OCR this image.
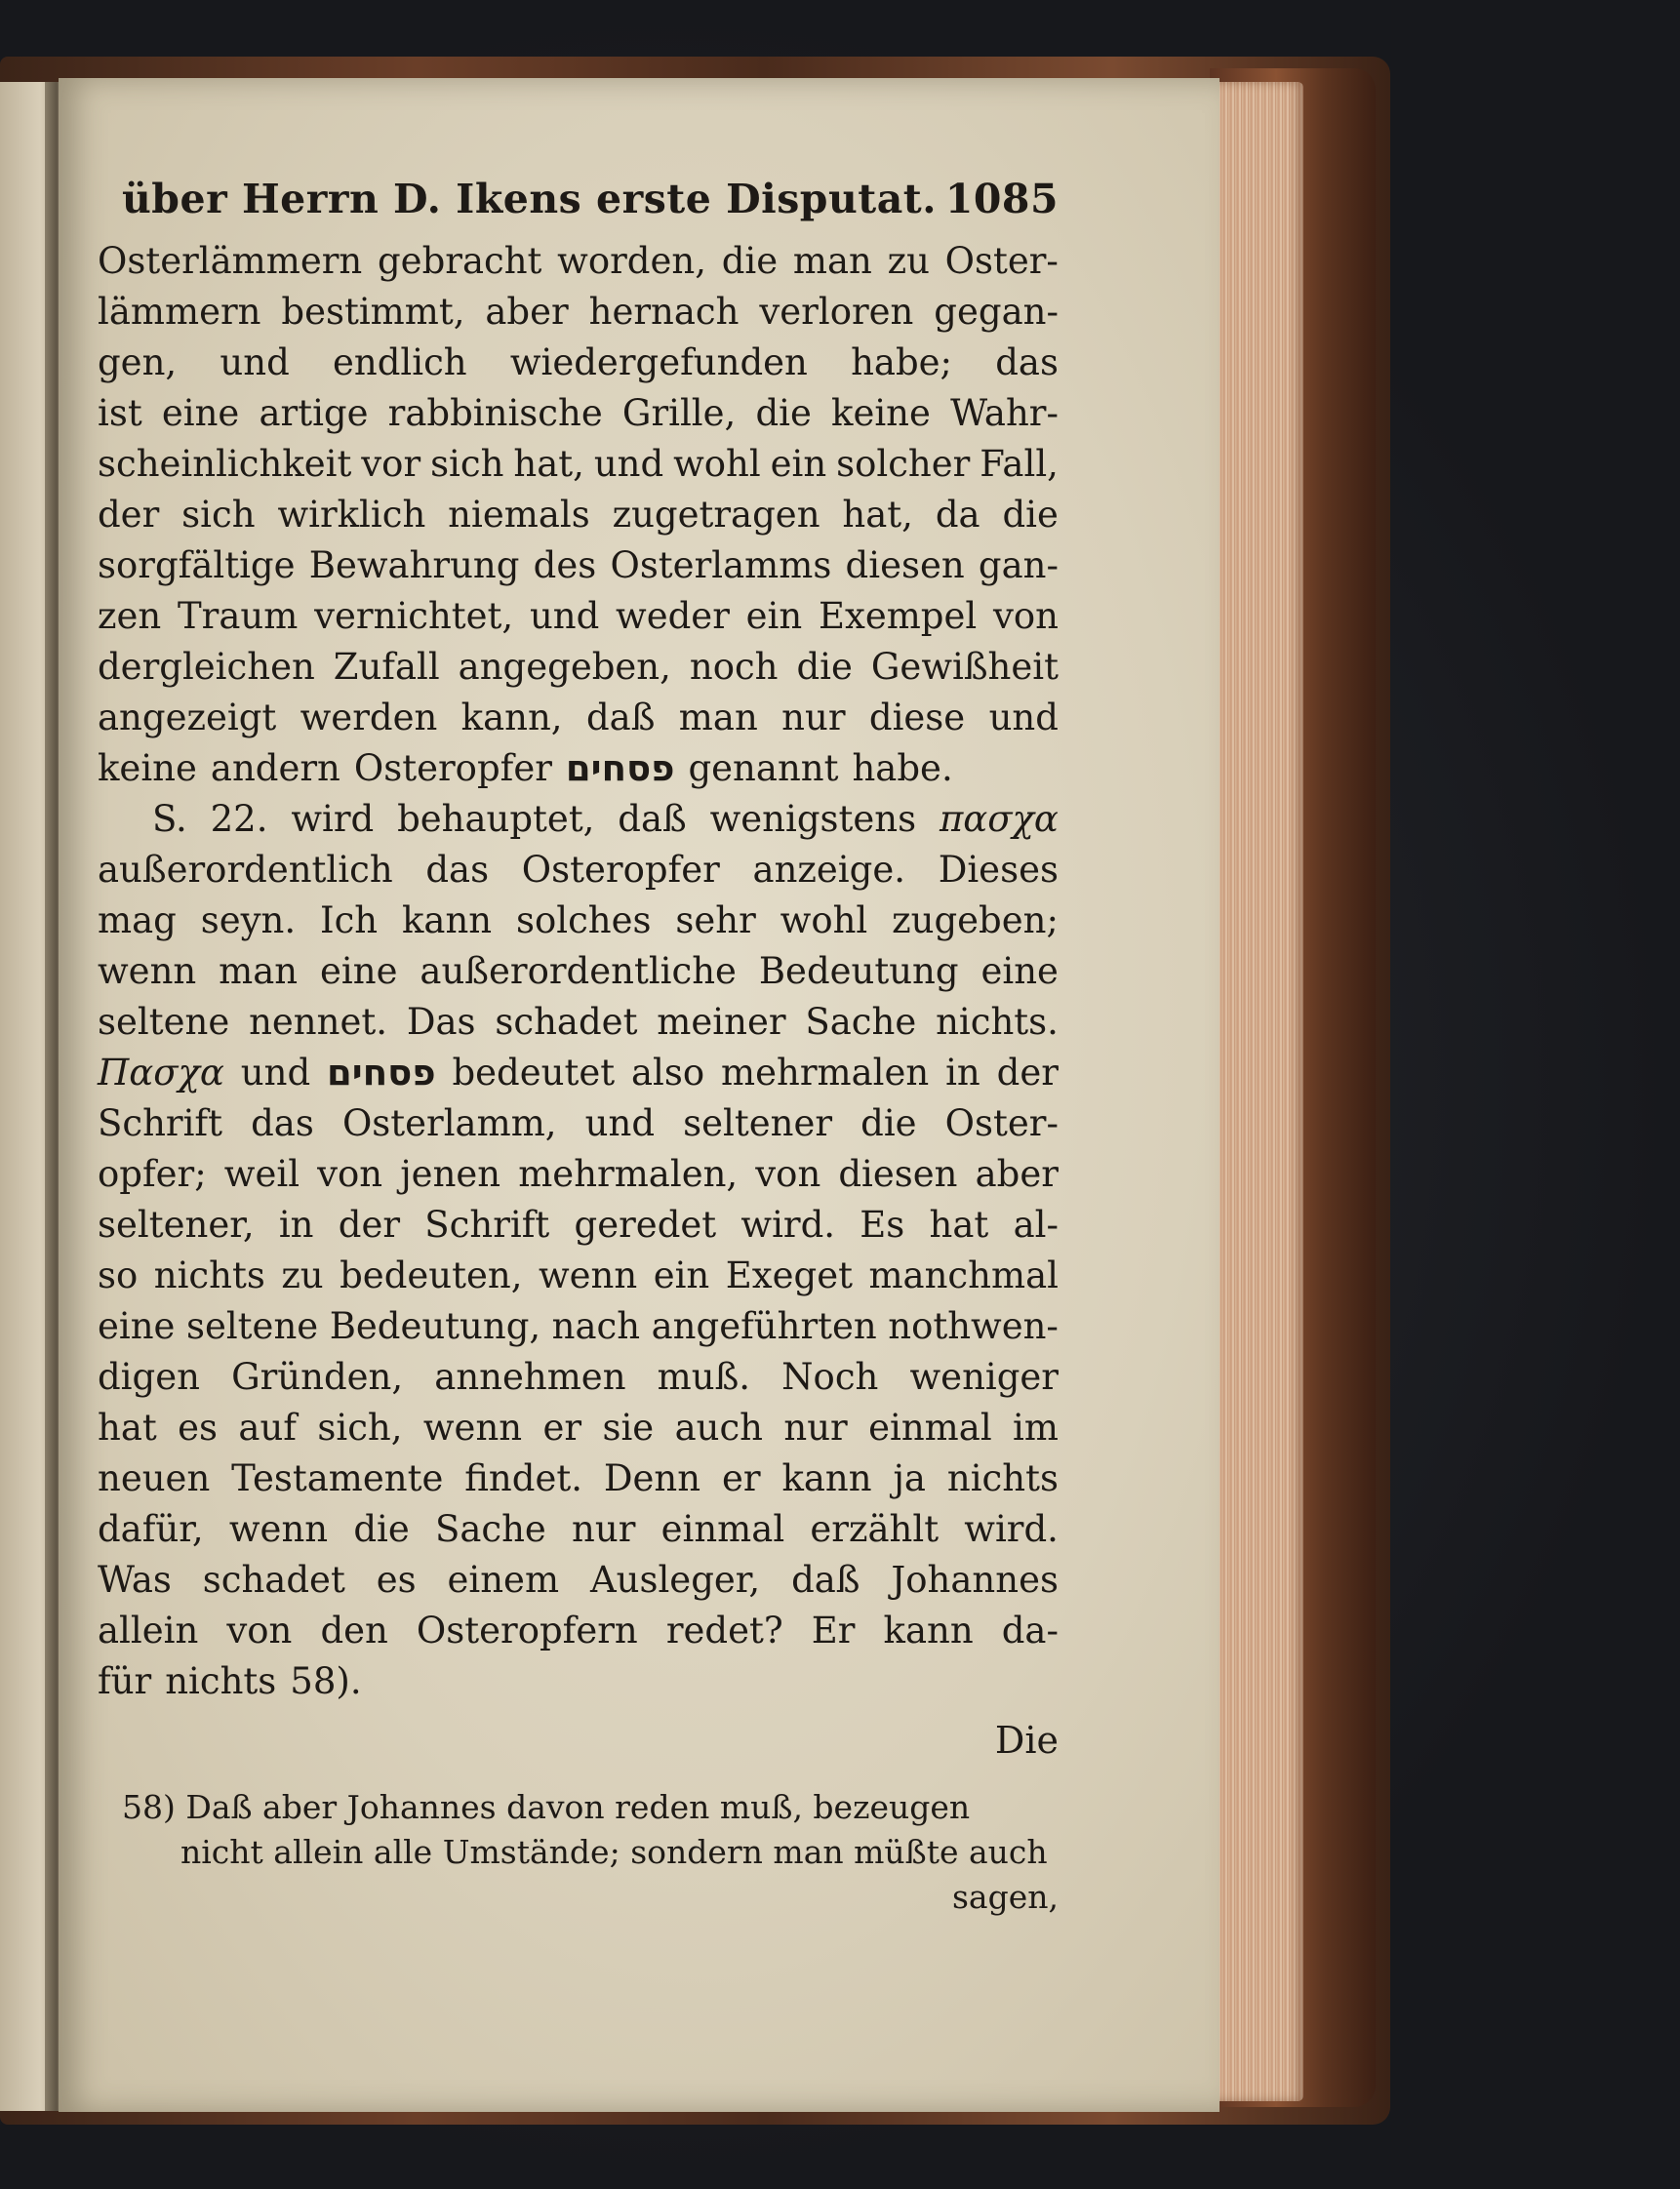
über Herrn D. Ikens erste Disputat. 1085
Osterlämmern gebracht worden, die man zu Oster-
lämmern bestimmt, aber hernach verloren gegan-
gen, und endlich wiedergefunden habe; das
ist eine artige rabbinische Grille, die keine Wahr-
scheinlichkeit vor sich hat, und wohl ein solcher Fall,
der sich wirklich niemals zugetragen hat, da die
sorgfältige Bewahrung des Osterlamms diesen gan-
zen Traum vernichtet, und weder ein Exempel von
dergleichen Zufall angegeben, noch die Gewißheit
angezeigt werden kann, daß man nur diese und
keine andern Osteropfer פסחים genannt habe.
S. 22. wird behauptet, daß wenigstens πασχα
außerordentlich das Osteropfer anzeige. Dieses
mag seyn. Ich kann solches sehr wohl zugeben;
wenn man eine außerordentliche Bedeutung eine
seltene nennet. Das schadet meiner Sache nichts.
Πασχα und פסחים bedeutet also mehrmalen in der
Schrift das Osterlamm, und seltener die Oster-
opfer; weil von jenen mehrmalen, von diesen aber
seltener, in der Schrift geredet wird. Es hat al-
so nichts zu bedeuten, wenn ein Exeget manchmal
eine seltene Bedeutung, nach angeführten nothwen-
digen Gründen, annehmen muß. Noch weniger
hat es auf sich, wenn er sie auch nur einmal im
neuen Testamente findet. Denn er kann ja nichts
dafür, wenn die Sache nur einmal erzählt wird.
Was schadet es einem Ausleger, daß Johannes
allein von den Osteropfern redet? Er kann da-
für nichts 58).
Die
58) Daß aber Johannes davon reden muß, bezeugen
nicht allein alle Umstände; sondern man müßte auch
sagen,
